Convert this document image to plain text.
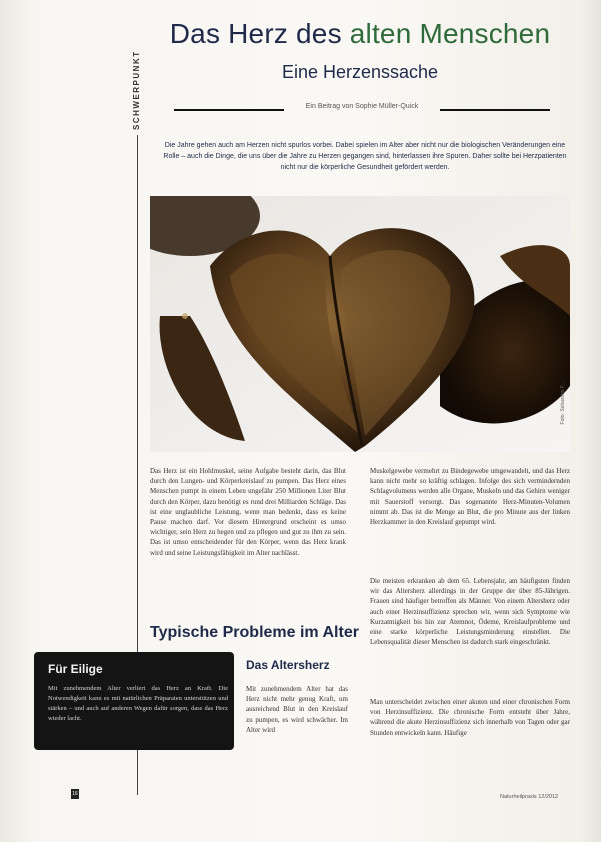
SCHWERPUNKT
Das Herz des alten Menschen
Eine Herzenssache
Ein Beitrag von Sophie Müller-Quick
Die Jahre gehen auch am Herzen nicht spurlos vorbei. Dabei spielen im Alter aber nicht nur die biologischen Veränderungen eine Rolle – auch die Dinge, die uns über die Jahre zu Herzen gegangen sind, hinterlassen ihre Spuren. Daher sollte bei Herzpatienten nicht nur die körperliche Gesundheit gefördert werden.
Foto: Sebastian F…
Das Herz ist ein Hohlmuskel, seine Aufgabe besteht darin, das Blut durch den Lungen- und Körperkreislauf zu pumpen. Das Herz eines Menschen pumpt in einem Leben ungefähr 250 Millionen Liter Blut durch den Körper, dazu benötigt es rund drei Milliarden Schläge. Das ist eine unglaubliche Leistung, wenn man bedenkt, dass es keine Pause machen darf. Vor diesem Hintergrund erscheint es umso wichtiger, sein Herz zu hegen und zu pflegen und gut zu ihm zu sein. Das ist umso entscheidender für den Körper, wenn das Herz krank wird und seine Leistungsfähigkeit im Alter nachlässt.
Muskelgewebe vermehrt zu Bindegewebe umgewandelt, und das Herz kann nicht mehr so kräftig schlagen. Infolge des sich vermindernden Schlagvolumens werden alle Organe, Muskeln und das Gehirn weniger mit Sauerstoff versorgt. Das sogenannte Herz-Minuten-Volumen nimmt ab. Das ist die Menge an Blut, die pro Minute aus der linken Herzkammer in den Kreislauf gepumpt wird.
Die meisten erkranken ab dem 65. Lebensjahr, am häufigsten finden wir das Altersherz allerdings in der Gruppe der über 85-Jährigen. Frauen sind häufiger betroffen als Männer. Von einem Altersherz oder auch einer Herzinsuffizienz sprechen wir, wenn sich Symptome wie Kurzatmigkeit bis hin zur Atemnot, Ödeme, Kreislaufprobleme und eine starke körperliche Leistungsminderung einstellen. Die Lebensqualität dieser Menschen ist dadurch stark eingeschränkt.
Man unterscheidet zwischen einer akuten und einer chronischen Form von Herzinsuffizienz. Die chronische Form entsteht über Jahre, während die akute Herzinsuffizienz sich innerhalb von Tagen oder gar Stunden entwickeln kann. Häufige
Typische Probleme im Alter
Das Altersherz
Mit zunehmendem Alter hat das Herz nicht mehr genug Kraft, um ausreichend Blut in den Kreislauf zu pumpen, es wird schwächer. Im Alter wird
Für Eilige
Mit zunehmendem Alter verliert das Herz an Kraft. Die Notwendigkeit kann es mit natürlichen Präparaten unterstützen und stärken – und auch auf anderen Wegen dafür sorgen, dass das Herz wieder lacht.
16	Naturheilpraxis 12/2012
